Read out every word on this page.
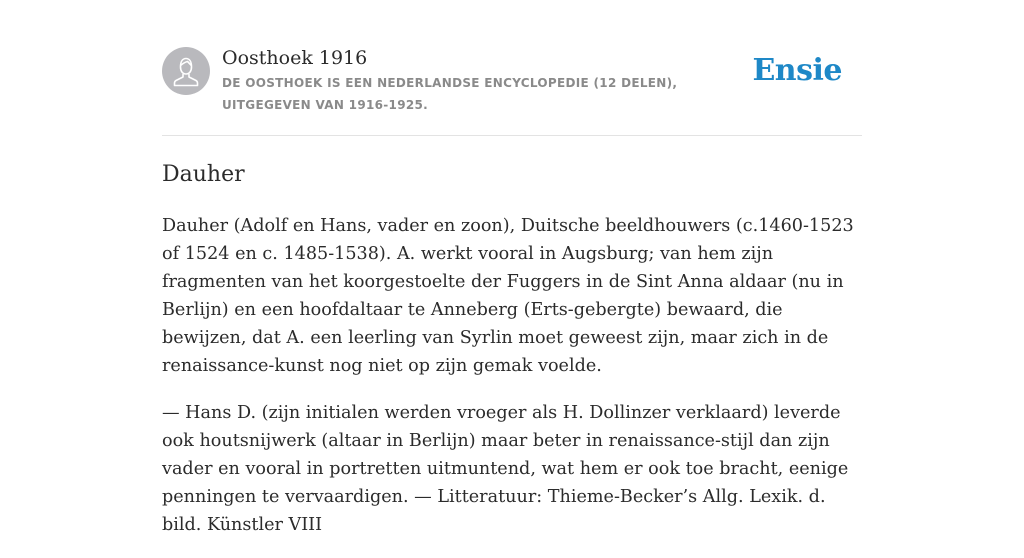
Oosthoek 1916
DE OOSTHOEK IS EEN NEDERLANDSE ENCYCLOPEDIE (12 DELEN), UITGEGEVEN VAN 1916-1925.
Ensie
Dauher

Dauher (Adolf en Hans, vader en zoon), Duitsche beeldhouwers (c.1460-1523 of 1524 en c. 1485-1538). A. werkt vooral in Augsburg; van hem zijn fragmenten van het koorgestoelte der Fuggers in de Sint Anna aldaar (nu in Berlijn) en een hoofdaltaar te Anneberg (Erts-gebergte) bewaard, die bewijzen, dat A. een leerling van Syrlin moet geweest zijn, maar zich in de renaissance-kunst nog niet op zijn gemak voelde.

— Hans D. (zijn initialen werden vroeger als H. Dollinzer verklaard) leverde ook houtsnijwerk (altaar in Berlijn) maar beter in renaissance-stijl dan zijn vader en vooral in portretten uitmuntend, wat hem er ook toe bracht, eenige penningen te vervaardigen. — Litteratuur: Thieme-Becker’s Allg. Lexik. d. bild. Künstler VIII
